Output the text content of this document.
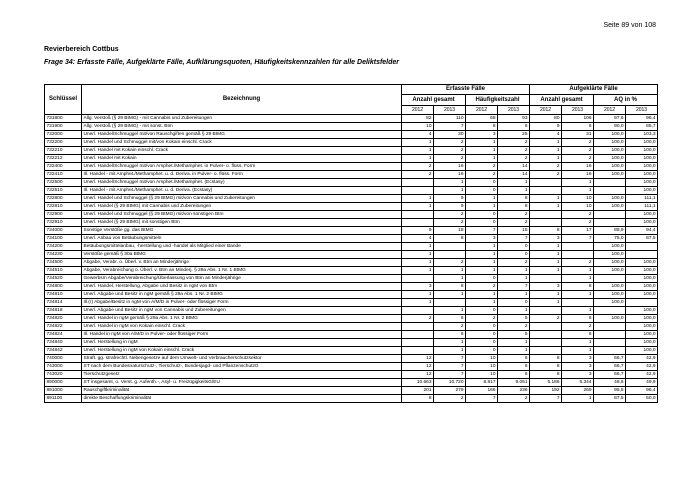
Seite 89 von 108
Revierbereich Cottbus
Frage 34: Erfasste Fälle, Aufgeklärte Fälle, Aufklärungsquoten, Häufigkeitskennzahlen für alle Deliktsfelder
Schlüssel	Bezeichnung	Erfasste Fälle				Aufgeklärte Fälle			
		Anzahl gesamt		Häufigkeitszahl		Anzahl gesamt		AQ in %	
		2012	2013	2012	2013	2012	2013	2012	2013
731800	Allg. Verstoß (§ 29 BtMG) - mit Cannabis und Zubereitungen	82	110	68	93	80	106	97,6	96,4
731900	Allg. Verstoß (§ 29 BtMG) - mit sonst. Btm	10	7	8	6	9	6	90,0	85,7
732000	Unerl. Handel/Schmuggel mit/von Rauschgiften gemäß § 29 BtMG	4	30	3	25	4	31	100,0	103,3
732200	Unerl. Handel und Schmuggel mit/von Kokain einschl. Crack	1	2	1	2	1	2	100,0	100,0
732210	Unerl. Handel mit Kokain einschl. Crack	1	2	1	2	1	2	100,0	100,0
732212	Unerl. Handel mit Kokain	1	2	1	2	1	2	100,0	100,0
732400	Unerl. Handel/Schmuggel mit/von Amphet./Methamphet. in Pulver- o. flüss. Form	2	16	2	14	2	16	100,0	100,0
732410	Ill. Handel - mit Amphet./Methamphet. u. d. Deriva. in Pulver- o. flüss. Form	2	16	2	14	2	16	100,0	100,0
732500	Unerl. Handel/Schmuggel mit/von Amphet./Methamphet. (Ecstasy)		1	0	1		1		100,0
732510	Ill. Handel - mit Amphet./Methamphet. u. d. Deriva. (Ecstasy)		1	0	1		1		100,0
732800	Unerl. Handel und Schmuggel (§ 29 BtMG) mit/von Cannabis und Zubereitungen	1	9	1	8	1	10	100,0	111,1
732810	Unerl. Handel (§ 29 BtMG) mit Cannabis und Zubereitungen	1	9	1	8	1	10	100,0	111,1
732900	Unerl. Handel und Schmuggel (§ 29 BtMG) mit/von sonstigen Btm		2	0	2		2		100,0
732910	Unerl. Handel (§ 29 BtMG) mit sonstigen Btm		2	0	2		2		100,0
734000	Sonstige Verstöße gg. das BtMG	9	18	7	15	8	17	88,9	94,4
734100	Unerl. Anbau von Betäubungsmitteln	4	8	3	7	3	7	75,0	87,5
734200	Betäubungsmittelanbau, -herstellung und -handel als Mitglied einer Bande	1		1	0	1		100,0	
734230	Verstöße gemäß § 30a BtMG	1		1	0	1		100,0	
734500	Abgabe, Verabr. o. Überl. v. Btm an Minderjährige	1	2	1	2	1	2	100,0	100,0
734510	Abgabe, Verabreichung o. Überl. v. Btm an Minderj. § 29a Abs. 1 Nr. 1 BtMG	1	1	1	1	1	1	100,0	100,0
734520	Gewerbsm Abgabe/Verabreichung/Überlassung von Btm an Minderjährige		1	0	1		1		100,0
734800	Unerl. Handel, Herstellung, Abgabe und Besitz in ngM von Btm	3	8	2	7	3	8	100,0	100,0
734810	Unerl. Abgabe und Besitz in ngM gemäß § 29a Abs. 1 Nr. 2 BtMG	1	1	1	1	1	1	100,0	100,0
734814	Ill.(r) Abgabe/Besitz in ngM von A/M/D in Pulver- oder flüssiger Form	1		1	0	1		100,0	
734818	Unerl. Abgabe und Besitz in ngM von Cannabis und Zubereitungen		1	0	1		1		100,0
734820	Unerl. Handel in ngM gemäß § 29a Abs. 1 Nr. 2 BtMG	2	6	2	5	2	6	100,0	100,0
734822	Unerl. Handel in ngM von Kokain einschl. Crack		2	0	2		2		100,0
734824	Ill. Handel in ngM von A/M/D in Pulver- oder flüssiger Form		6	0	5		6		100,0
734840	Unerl. Herstellung in ngM		1	0	1		1		100,0
734842	Unerl. Herstellung in ngM von Kokain einschl. Crack		1	0	1		1		100,0
740000	Straft. gg. strafrechtl. Nebengesetze auf dem Umwelt- und Verbraucherschutzsektor	12	7	10	6	8	3	66,7	42,9
743000	ST nach dem Bundesnaturschutz-, Tierschutz-, Bundesjagd- und PflanzenschutzG	12	7	10	6	8	3	66,7	42,9
743020	Tierschutzgesetz	12	7	10	6	8	3	66,7	42,9
890000	ST insgesamt, o. Verst. g. Aufenth.-, Asyl- u. FreizügigkeitsG/EU	10.663	10.720	8.817	9.051	5.186	5.344	48,6	49,9
891000	Rauschgiftkriminalität	201	279	166	236	192	269	95,5	96,4
891100	direkte Beschaffungskriminalität	8	2	7	2	7	1	87,5	50,0
